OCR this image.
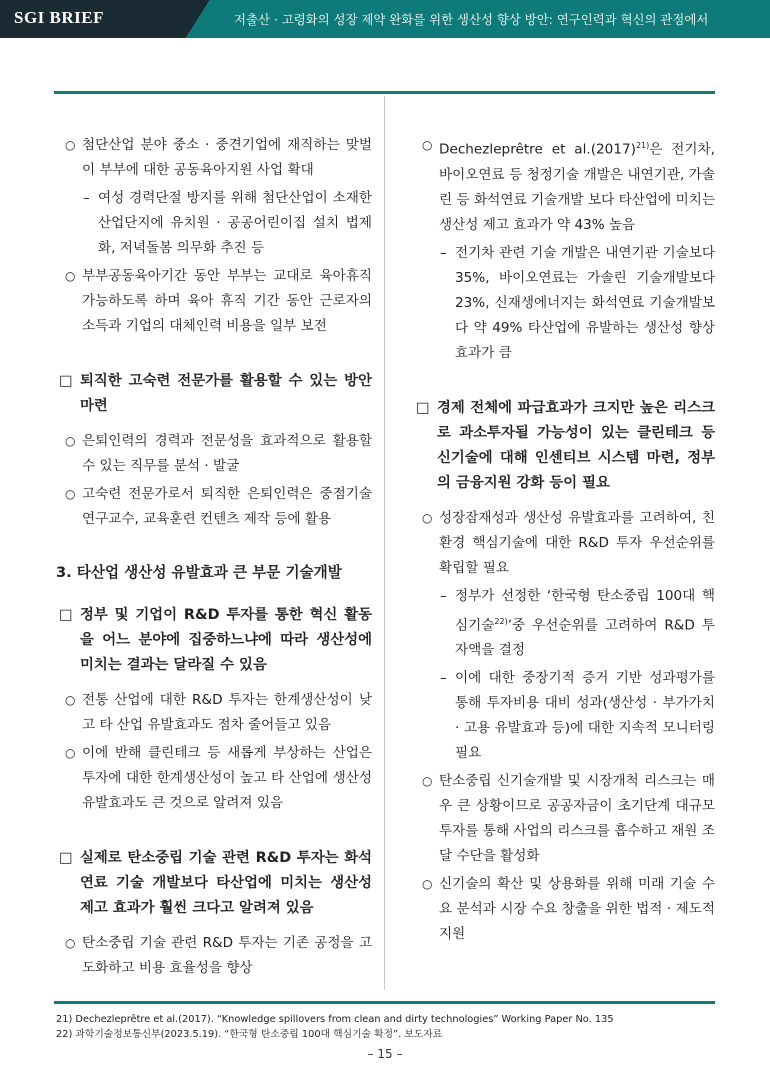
SGI BRIEF	저출산 · 고령화의 성장 제약 완화를 위한 생산성 향상 방안: 연구인력과 혁신의 관점에서
○ 첨단산업 분야 중소 · 중견기업에 재직하는 맞벌이 부부에 대한 공동육아지원 사업 확대
– 여성 경력단절 방지를 위해 첨단산업이 소재한 산업단지에 유치원 · 공공어린이집 설치 법제화, 저녁돌봄 의무화 추진 등
○ 부부공동육아기간 동안 부부는 교대로 육아휴직 가능하도록 하며 육아 휴직 기간 동안 근로자의 소득과 기업의 대체인력 비용을 일부 보전
□ 퇴직한 고숙련 전문가를 활용할 수 있는 방안 마련
○ 은퇴인력의 경력과 전문성을 효과적으로 활용할 수 있는 직무를 분석 · 발굴
○ 고숙련 전문가로서 퇴직한 은퇴인력은 중점기술연구교수, 교육훈련 컨텐츠 제작 등에 활용
3. 타산업 생산성 유발효과 큰 부문 기술개발
□ 정부 및 기업이 R&D 투자를 통한 혁신 활동을 어느 분야에 집중하느냐에 따라 생산성에 미치는 결과는 달라질 수 있음
○ 전통 산업에 대한 R&D 투자는 한계생산성이 낮고 타 산업 유발효과도 점차 줄어들고 있음
○ 이에 반해 클린테크 등 새롭게 부상하는 산업은 투자에 대한 한계생산성이 높고 타 산업에 생산성 유발효과도 큰 것으로 알려져 있음
□ 실제로 탄소중립 기술 관련 R&D 투자는 화석연료 기술 개발보다 타산업에 미치는 생산성 제고 효과가 훨씬 크다고 알려져 있음
○ 탄소중립 기술 관련 R&D 투자는 기존 공정을 고도화하고 비용 효율성을 향상
○ Dechezleprêtre et $al.(2017)^{21)}$은 전기차, 바이오연료 등 청정기술 개발은 내연기관, 가솔린 등 화석연료 기술개발 보다 타산업에 미치는 생산성 제고 효과가 약 43% 높음
– 전기차 관련 기술 개발은 내연기관 기술보다 35%, 바이오연료는 가솔린 기술개발보다 23%, 신재생에너지는 화석연료 기술개발보다 약 49% 타산업에 유발하는 생산성 향상 효과가 큼
□ 경제 전체에 파급효과가 크지만 높은 리스크로 과소투자될 가능성이 있는 클린테크 등 신기술에 대해 인센티브 시스템 마련, 정부의 금융지원 강화 등이 필요
○ 성장잠재성과 생산성 유발효과를 고려하여, 친환경 핵심기술에 대한 R&D 투자 우선순위를 확립할 필요
– 정부가 선정한 ‘한국형 탄소중립 100대 핵심기술$^{22)}$’중 우선순위를 고려하여 R&D 투자액을 결정
– 이에 대한 중장기적 증거 기반 성과평가를 통해 투자비용 대비 성과(생산성 · 부가가치 · 고용 유발효과 등)에 대한 지속적 모니터링 필요
○ 탄소중립 신기술개발 및 시장개척 리스크는 매우 큰 상황이므로 공공자금이 초기단계 대규모 투자를 통해 사업의 리스크를 흡수하고 재원 조달 수단을 활성화
○ 신기술의 확산 및 상용화를 위해 미래 기술 수요 분석과 시장 수요 창출을 위한 법적 · 제도적 지원
21) Dechezleprêtre et al.(2017). “Knowledge spillovers from clean and dirty technologies” Working Paper No. 135
22) 과학기술정보통신부(2023.5.19). “한국형 탄소중립 100대 핵심기술 확정”. 보도자료
– 15 –
